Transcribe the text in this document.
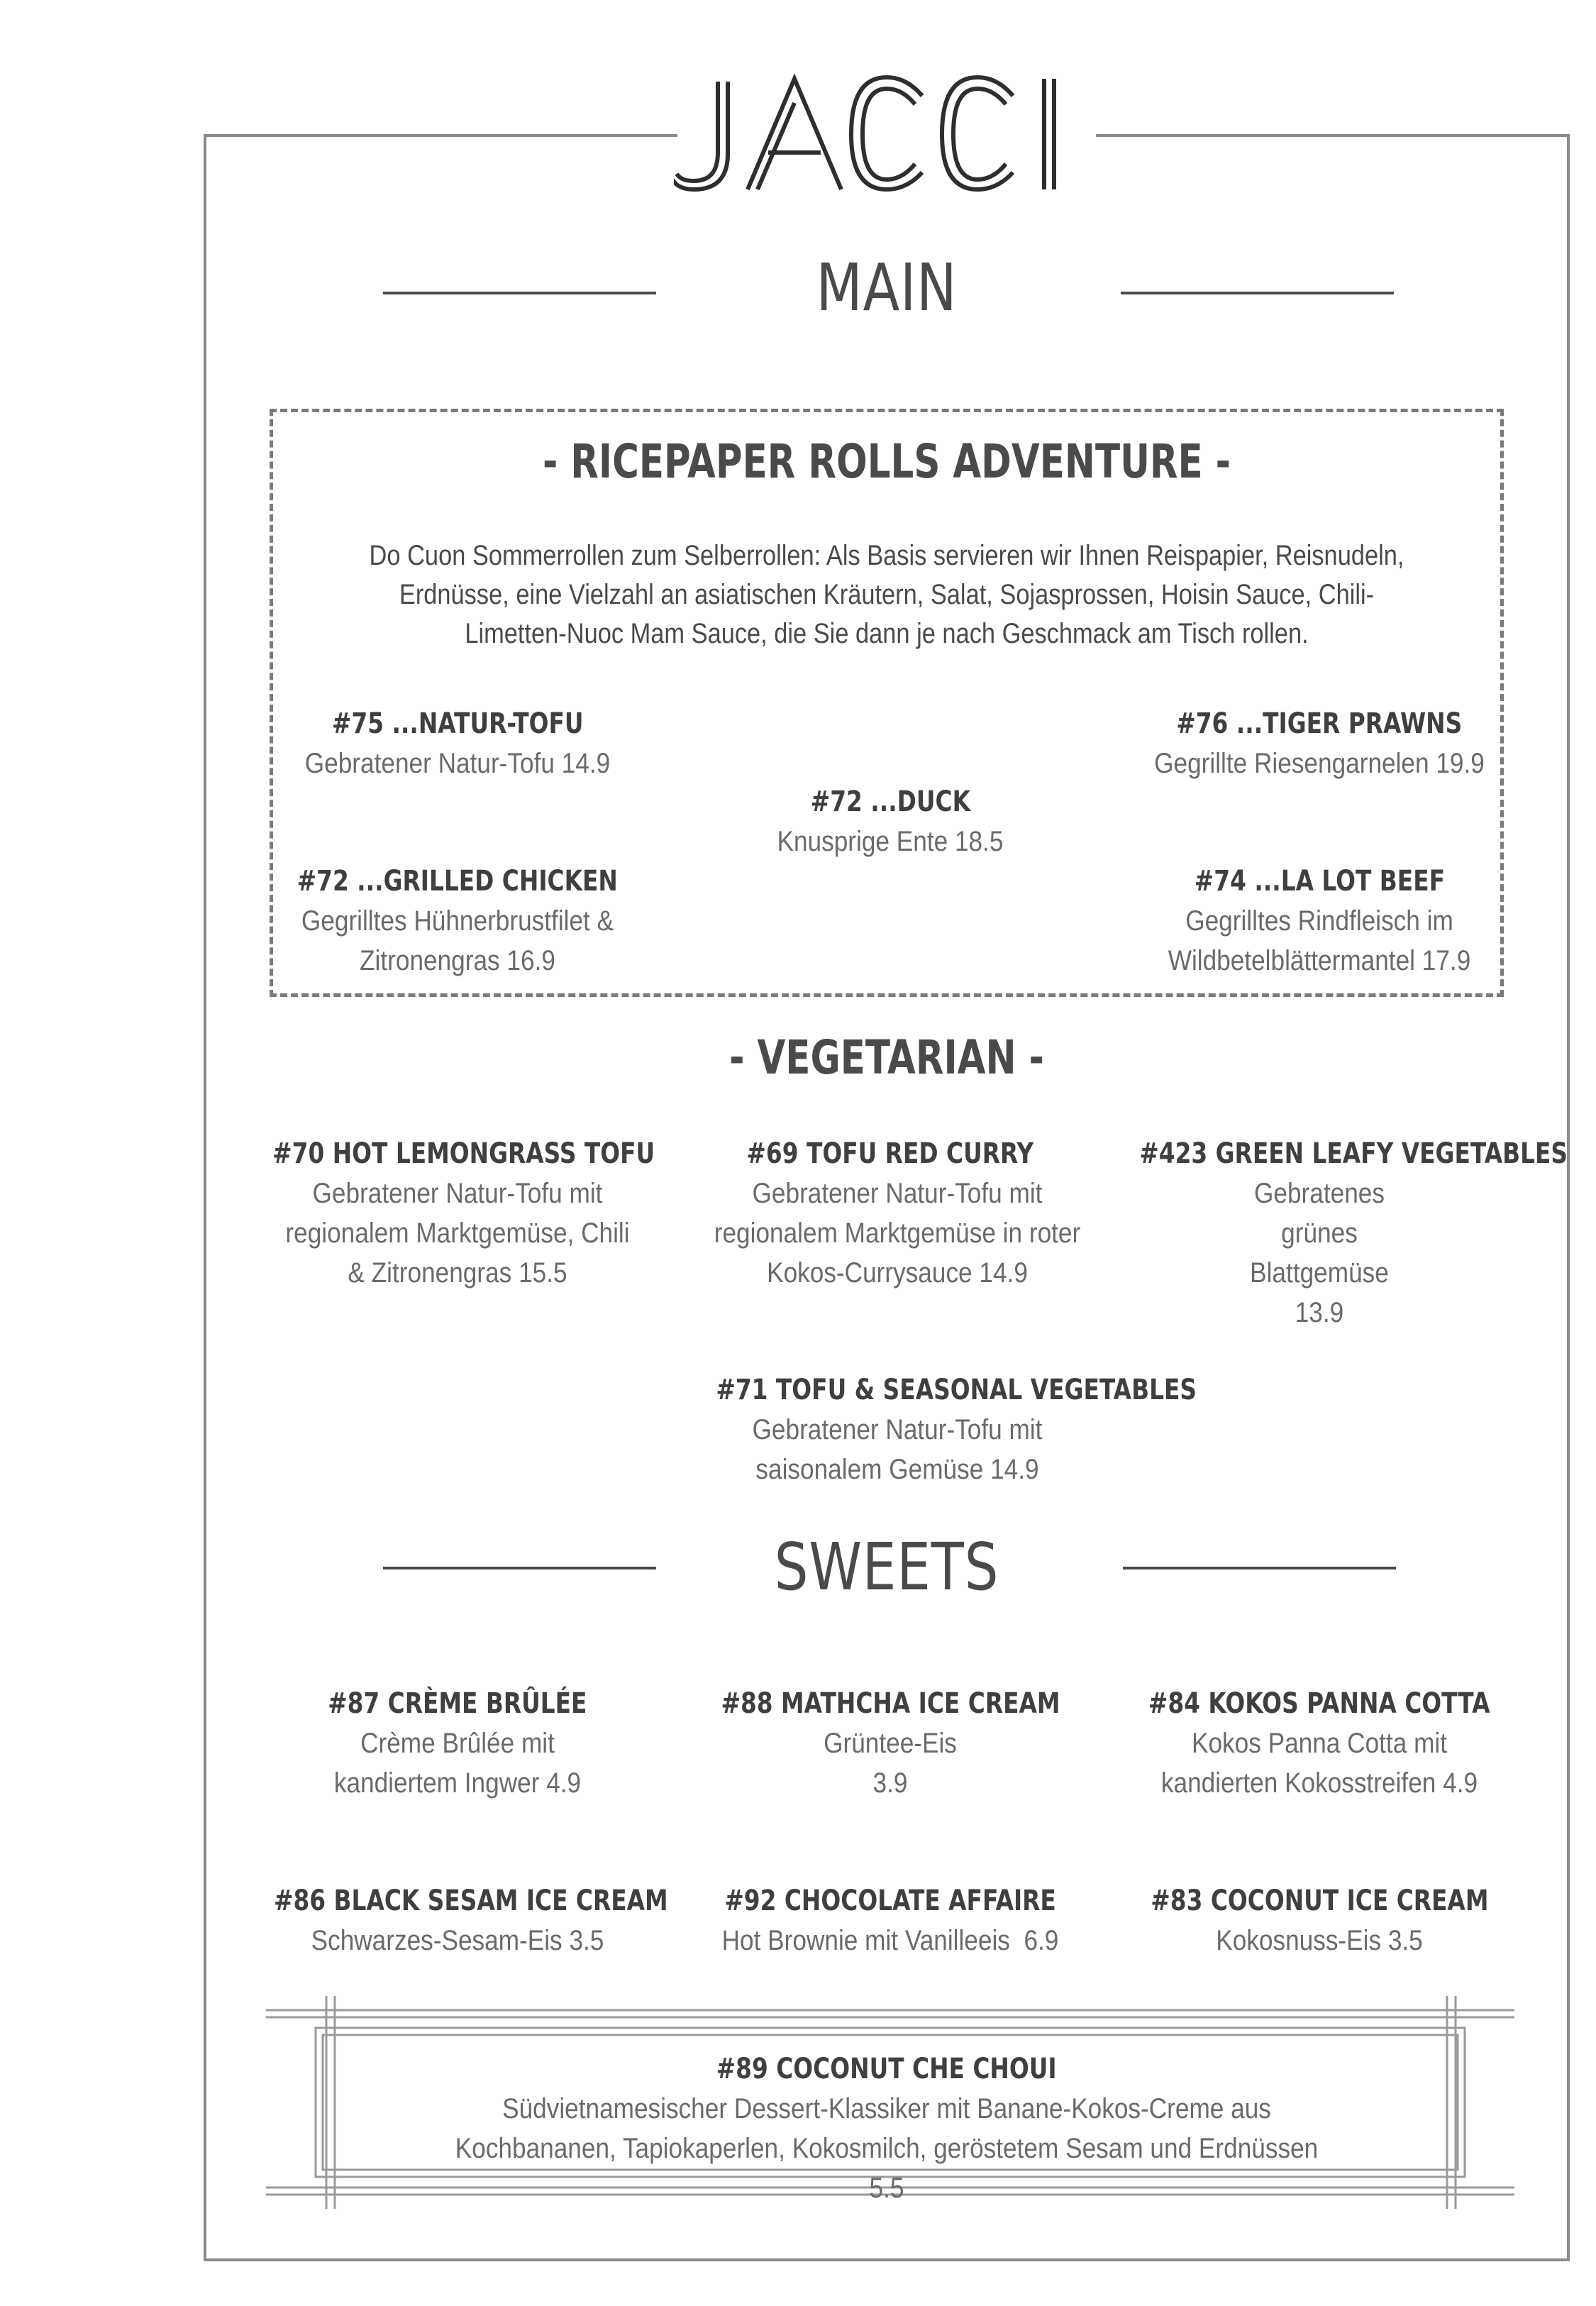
MAIN
- RICEPAPER ROLLS ADVENTURE -
Do Cuon Sommerrollen zum Selberrollen: Als Basis servieren wir Ihnen Reispapier, Reisnudeln, Erdnüsse, eine Vielzahl an asiatischen Kräutern, Salat, Sojasprossen, Hoisin Sauce, Chili-Limetten-Nuoc Mam Sauce, die Sie dann je nach Geschmack am Tisch rollen.
#75 ...NATUR-TOFU
Gebratener Natur-Tofu 14.9
#76 ...TIGER PRAWNS
Gegrillte Riesengarnelen 19.9
#72 ...DUCK
Knusprige Ente 18.5
#72 ...GRILLED CHICKEN
Gegrilltes Hühnerbrustfilet & Zitronengras 16.9
#74 ...LA LOT BEEF
Gegrilltes Rindfleisch im Wildbetelblättermantel 17.9
- VEGETARIAN -
#70 HOT LEMONGRASS TOFU
Gebratener Natur-Tofu mit regionalem Marktgemüse, Chili & Zitronengras 15.5
#69 TOFU RED CURRY
Gebratener Natur-Tofu mit regionalem Marktgemüse in roter Kokos-Currysauce 14.9
#423 GREEN LEAFY VEGETABLES
Gebratenes grünes Blattgemüse 13.9
#71 TOFU & SEASONAL VEGETABLES
Gebratener Natur-Tofu mit saisonalem Gemüse 14.9
SWEETS
#87 CRÈME BRÛLÉE
Crème Brûlée mit kandiertem Ingwer 4.9
#88 MATHCHA ICE CREAM
Grüntee-Eis 3.9
#84 KOKOS PANNA COTTA
Kokos Panna Cotta mit kandierten Kokosstreifen 4.9
#86 BLACK SESAM ICE CREAM
Schwarzes-Sesam-Eis 3.5
#92 CHOCOLATE AFFAIRE
Hot Brownie mit Vanilleeis  6.9
#83 COCONUT ICE CREAM
Kokosnuss-Eis 3.5
#89 COCONUT CHE CHOUI
Südvietnamesischer Dessert-Klassiker mit Banane-Kokos-Creme aus Kochbananen, Tapiokaperlen, Kokosmilch, geröstetem Sesam und Erdnüssen 5.5
